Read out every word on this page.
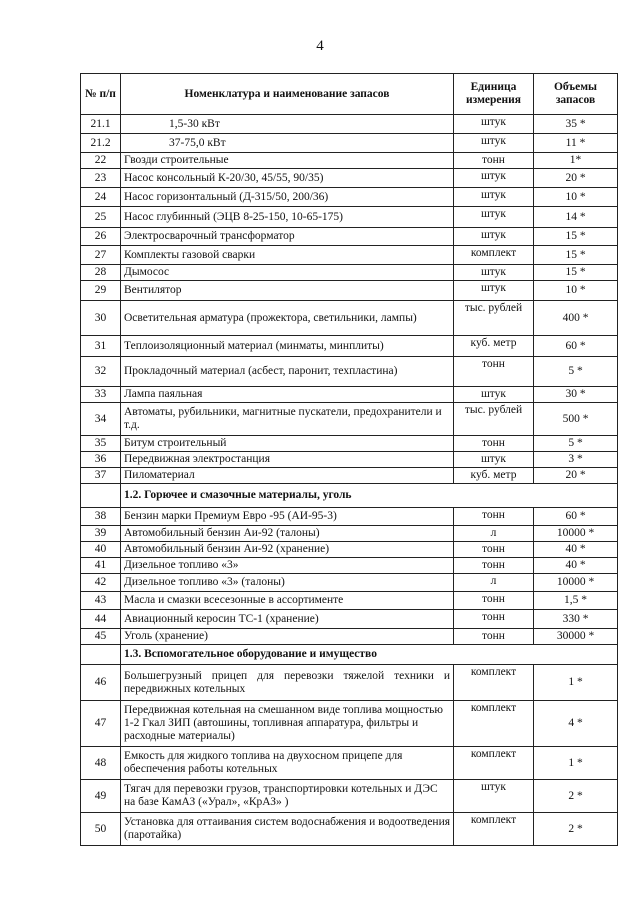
4
№ п/п	Номенклатура и наименование запасов	Единица измерения	Объемы запасов
21.1	1,5-30 кВт	штук	35 *
21.2	37-75,0 кВт	штук	11 *
22	Гвозди строительные	тонн	1*
23	Насос консольный К-20/30, 45/55, 90/35)	штук	20 *
24	Насос горизонтальный (Д-315/50, 200/36)	штук	10 *
25	Насос глубинный (ЭЦВ 8-25-150, 10-65-175)	штук	14 *
26	Электросварочный трансформатор	штук	15 *
27	Комплекты газовой сварки	комплект	15 *
28	Дымосос	штук	15 *
29	Вентилятор	штук	10 *
30	Осветительная арматура (прожектора, светильники, лампы)	тыс. рублей	400 *
31	Теплоизоляционный материал (минматы, минплиты)	куб. метр	60 *
32	Прокладочный материал (асбест, паронит, техпластина)	тонн	5 *
33	Лампа паяльная	штук	30 *
34	Автоматы, рубильники, магнитные пускатели, предохранители и т.д.	тыс. рублей	500 *
35	Битум строительный	тонн	5 *
36	Передвижная электростанция	штук	3 *
37	Пиломатериал	куб. метр	20 *
	1.2. Горючее и смазочные материалы, уголь		
38	Бензин марки Премиум Евро -95 (АИ-95-3)	тонн	60 *
39	Автомобильный бензин Аи-92 (талоны)	л	10000 *
40	Автомобильный бензин Аи-92 (хранение)	тонн	40 *
41	Дизельное топливо «3»	тонн	40 *
42	Дизельное топливо «3» (талоны)	л	10000 *
43	Масла и смазки всесезонные в ассортименте	тонн	1,5 *
44	Авиационный керосин ТС-1 (хранение)	тонн	330 *
45	Уголь (хранение)	тонн	30000 *
	1.3. Вспомогательное оборудование и имущество		
46	Большегрузный прицеп для перевозки тяжелой техники и передвижных котельных	комплект	1 *
47	Передвижная котельная на смешанном виде топлива мощностью 1-2 Гкал ЗИП (автошины, топливная аппаратура, фильтры и расходные материалы)	комплект	4 *
48	Емкость для жидкого топлива на двухосном прицепе для обеспечения работы котельных	комплект	1 *
49	Тягач для перевозки грузов, транспортировки котельных и ДЭС на базе КамАЗ («Урал», «КрАЗ» )	штук	2 *
50	Установка для оттаивания систем водоснабжения и водоотведения (паротайка)	комплект	2 *
